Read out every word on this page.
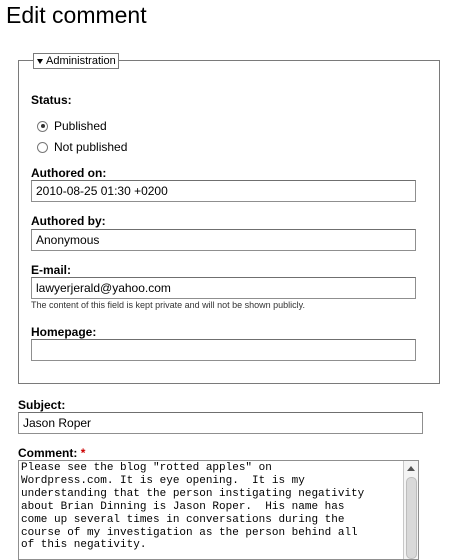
Edit comment
Administration
Status:
Published
Not published
Authored on:
2010-08-25 01:30 +0200
Authored by:
Anonymous
E-mail:
lawyerjerald@yahoo.com
The content of this field is kept private and will not be shown publicly.
Homepage:
Subject:
Jason Roper
Comment: *
Please see the blog "rotted apples" on
Wordpress.com. It is eye opening.  It is my
understanding that the person instigating negativity
about Brian Dinning is Jason Roper.  His name has
come up several times in conversations during the
course of my investigation as the person behind all
of this negativity.
